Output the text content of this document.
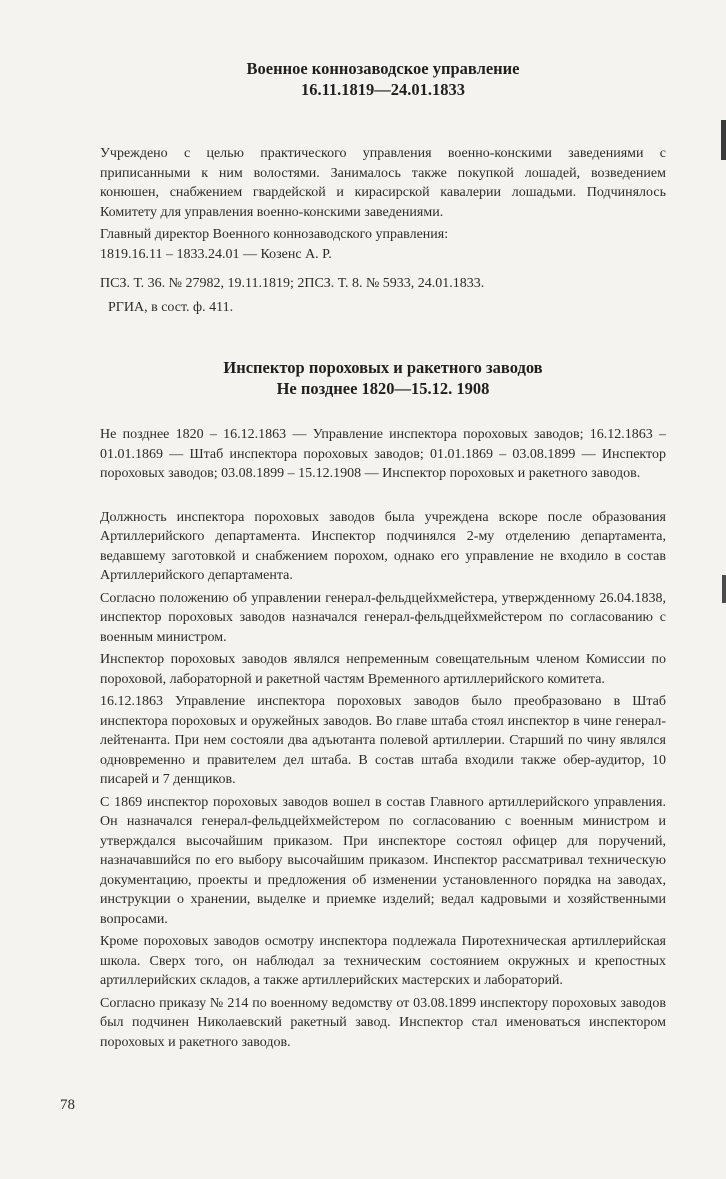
Военное коннозаводское управление
16.11.1819—24.01.1833

Учреждено с целью практического управления военно-конскими заведениями с приписанными к ним волостями. Занималось также покупкой лошадей, возведением конюшен, снабжением гвардейской и кирасирской кавалерии лошадьми. Подчинялось Комитету для управления военно-конскими заведениями.

Главный директор Военного коннозаводского управления:

1819.16.11 – 1833.24.01 — Козенс А. Р.

ПСЗ. Т. 36. № 27982, 19.11.1819; 2ПСЗ. Т. 8. № 5933, 24.01.1833.

РГИА, в сост. ф. 411.

Инспектор пороховых и ракетного заводов
Не позднее 1820—15.12. 1908

Не позднее 1820 – 16.12.1863 — Управление инспектора пороховых заводов; 16.12.1863 – 01.01.1869 — Штаб инспектора пороховых заводов; 01.01.1869 – 03.08.1899 — Инспектор пороховых заводов; 03.08.1899 – 15.12.1908 — Инспектор пороховых и ракетного заводов.

Должность инспектора пороховых заводов была учреждена вскоре после образования Артиллерийского департамента. Инспектор подчинялся 2-му отделению департамента, ведавшему заготовкой и снабжением порохом, однако его управление не входило в состав Артиллерийского департамента.

Согласно положению об управлении генерал-фельдцейхмейстера, утвержденному 26.04.1838, инспектор пороховых заводов назначался генерал-фельдцейхмейстером по согласованию с военным министром.

Инспектор пороховых заводов являлся непременным совещательным членом Комиссии по пороховой, лабораторной и ракетной частям Временного артиллерийского комитета.

16.12.1863 Управление инспектора пороховых заводов было преобразовано в Штаб инспектора пороховых и оружейных заводов. Во главе штаба стоял инспектор в чине генерал-лейтенанта. При нем состояли два адъютанта полевой артиллерии. Старший по чину являлся одновременно и правителем дел штаба. В состав штаба входили также обер-аудитор, 10 писарей и 7 денщиков.

С 1869 инспектор пороховых заводов вошел в состав Главного артиллерийского управления. Он назначался генерал-фельдцейхмейстером по согласованию с военным министром и утверждался высочайшим приказом. При инспекторе состоял офицер для поручений, назначавшийся по его выбору высочайшим приказом. Инспектор рассматривал техническую документацию, проекты и предложения об изменении установленного порядка на заводах, инструкции о хранении, выделке и приемке изделий; ведал кадровыми и хозяйственными вопросами.

Кроме пороховых заводов осмотру инспектора подлежала Пиротехническая артиллерийская школа. Сверх того, он наблюдал за техническим состоянием окружных и крепостных артиллерийских складов, а также артиллерийских мастерских и лабораторий.

Согласно приказу № 214 по военному ведомству от 03.08.1899 инспектору пороховых заводов был подчинен Николаевский ракетный завод. Инспектор стал именоваться инспектором пороховых и ракетного заводов.

78
